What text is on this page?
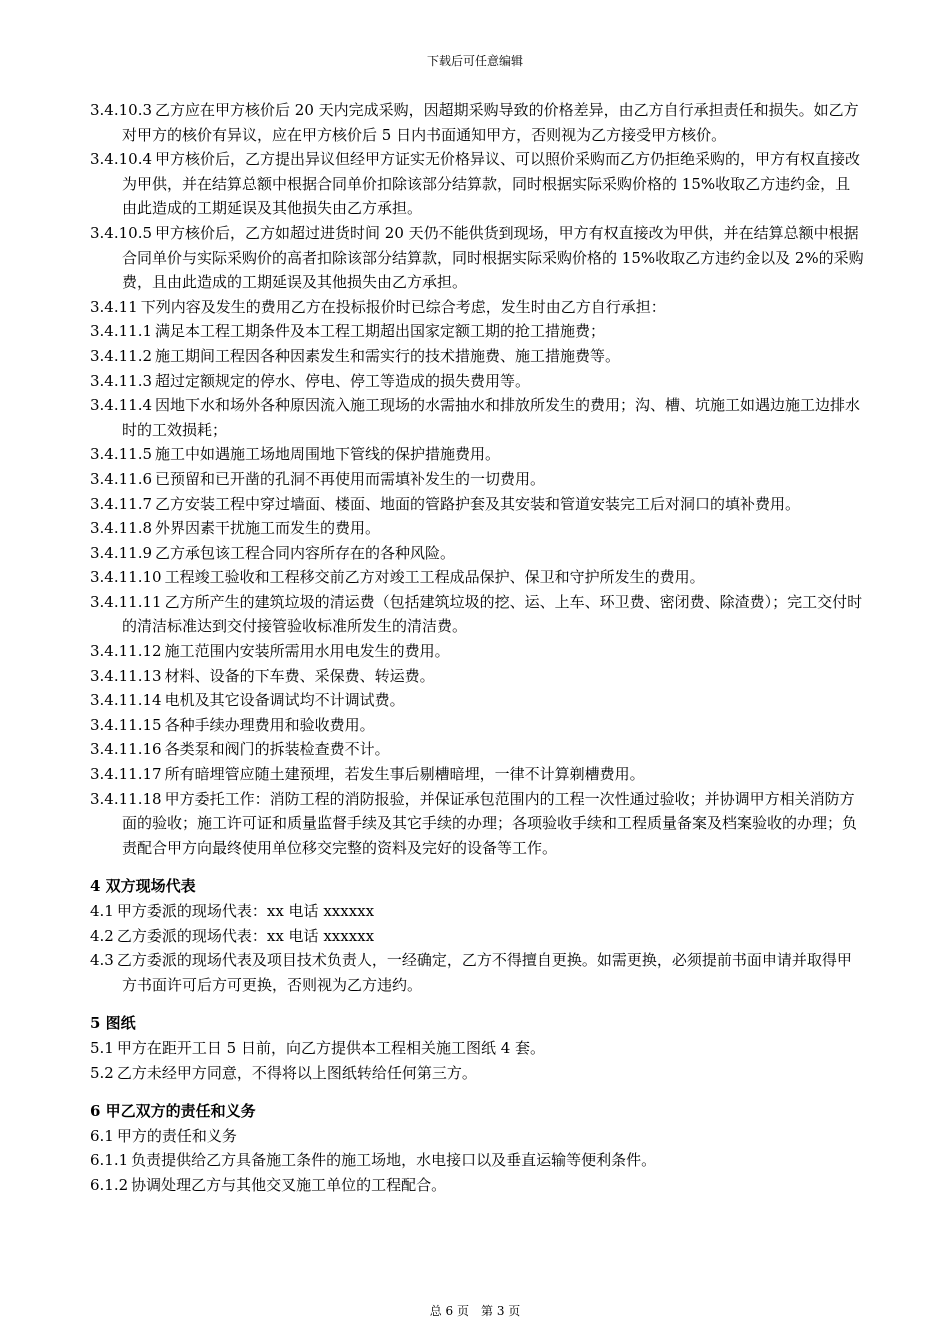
下载后可任意编辑

3.4.10.3 乙方应在甲方核价后 20 天内完成采购，因超期采购导致的价格差异，由乙方自行承担责任和损失。如乙方对甲方的核价有异议，应在甲方核价后 5 日内书面通知甲方，否则视为乙方接受甲方核价。

3.4.10.4 甲方核价后，乙方提出异议但经甲方证实无价格异议、可以照价采购而乙方仍拒绝采购的，甲方有权直接改为甲供，并在结算总额中根据合同单价扣除该部分结算款，同时根据实际采购价格的 15%收取乙方违约金，且由此造成的工期延误及其他损失由乙方承担。

3.4.10.5 甲方核价后，乙方如超过进货时间 20 天仍不能供货到现场，甲方有权直接改为甲供，并在结算总额中根据合同单价与实际采购价的高者扣除该部分结算款，同时根据实际采购价格的 15%收取乙方违约金以及 2%的采购费，且由此造成的工期延误及其他损失由乙方承担。

3.4.11 下列内容及发生的费用乙方在投标报价时已综合考虑，发生时由乙方自行承担：

3.4.11.1 满足本工程工期条件及本工程工期超出国家定额工期的抢工措施费；

3.4.11.2 施工期间工程因各种因素发生和需实行的技术措施费、施工措施费等。

3.4.11.3 超过定额规定的停水、停电、停工等造成的损失费用等。

3.4.11.4 因地下水和场外各种原因流入施工现场的水需抽水和排放所发生的费用；沟、槽、坑施工如遇边施工边排水时的工效损耗；

3.4.11.5 施工中如遇施工场地周围地下管线的保护措施费用。

3.4.11.6 已预留和已开凿的孔洞不再使用而需填补发生的一切费用。

3.4.11.7 乙方安装工程中穿过墙面、楼面、地面的管路护套及其安装和管道安装完工后对洞口的填补费用。

3.4.11.8 外界因素干扰施工而发生的费用。

3.4.11.9 乙方承包该工程合同内容所存在的各种风险。

3.4.11.10 工程竣工验收和工程移交前乙方对竣工工程成品保护、保卫和守护所发生的费用。

3.4.11.11 乙方所产生的建筑垃圾的清运费（包括建筑垃圾的挖、运、上车、环卫费、密闭费、除渣费）；完工交付时的清洁标准达到交付接管验收标准所发生的清洁费。

3.4.11.12 施工范围内安装所需用水用电发生的费用。

3.4.11.13 材料、设备的下车费、采保费、转运费。

3.4.11.14 电机及其它设备调试均不计调试费。

3.4.11.15 各种手续办理费用和验收费用。

3.4.11.16 各类泵和阀门的拆装检查费不计。

3.4.11.17 所有暗埋管应随土建预埋，若发生事后剔槽暗埋，一律不计算剃槽费用。

3.4.11.18 甲方委托工作：消防工程的消防报验，并保证承包范围内的工程一次性通过验收；并协调甲方相关消防方面的验收；施工许可证和质量监督手续及其它手续的办理；各项验收手续和工程质量备案及档案验收的办理；负责配合甲方向最终使用单位移交完整的资料及完好的设备等工作。

4 双方现场代表

4.1 甲方委派的现场代表：xx 电话 xxxxxx

4.2 乙方委派的现场代表：xx 电话 xxxxxx

4.3 乙方委派的现场代表及项目技术负责人，一经确定，乙方不得擅自更换。如需更换，必须提前书面申请并取得甲方书面许可后方可更换，否则视为乙方违约。

5 图纸

5.1 甲方在距开工日 5 日前，向乙方提供本工程相关施工图纸 4 套。

5.2 乙方未经甲方同意，不得将以上图纸转给任何第三方。

6 甲乙双方的责任和义务

6.1 甲方的责任和义务

6.1.1 负责提供给乙方具备施工条件的施工场地，水电接口以及垂直运输等便利条件。

6.1.2 协调处理乙方与其他交叉施工单位的工程配合。

总 6 页　第 3 页
